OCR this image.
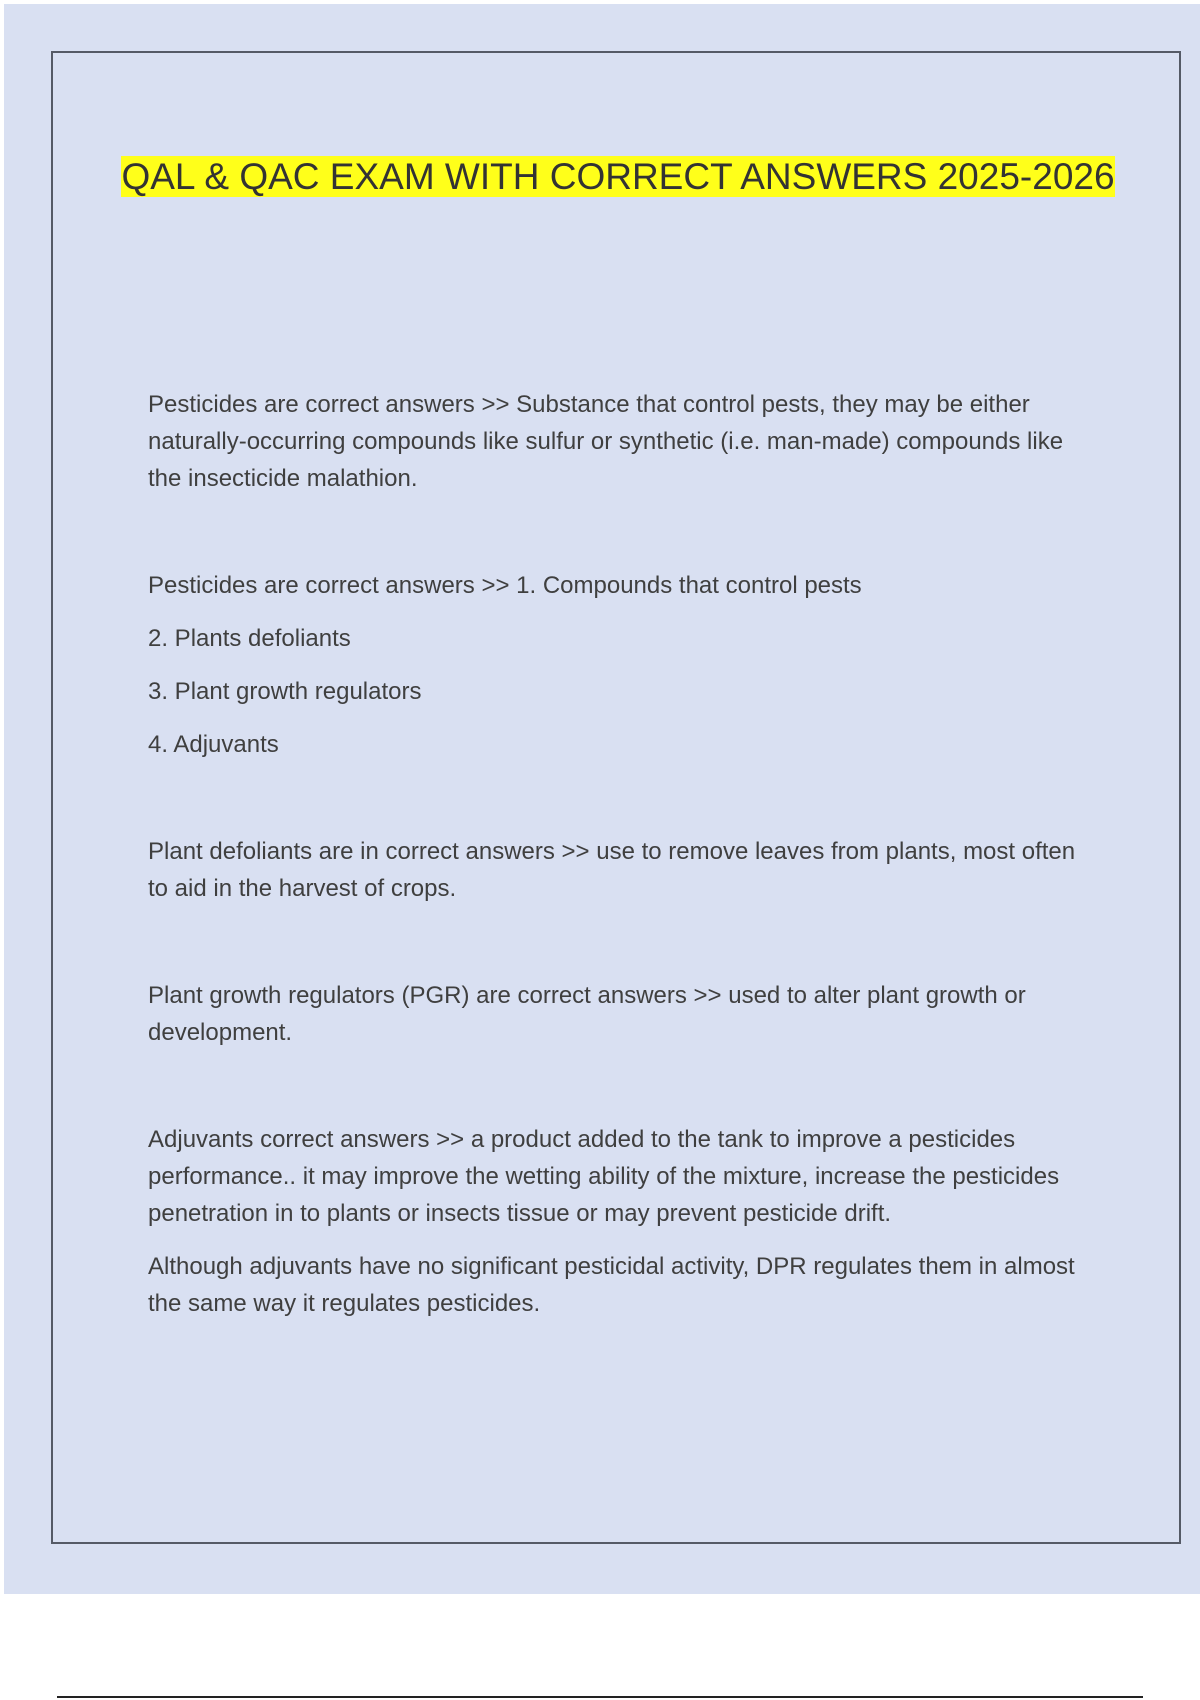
QAL & QAC EXAM WITH CORRECT ANSWERS 2025-2026

Pesticides are correct answers >> Substance that control pests, they may be either naturally-occurring compounds like sulfur or synthetic (i.e. man-made) compounds like the insecticide malathion.

Pesticides are correct answers >> 1. Compounds that control pests

2. Plants defoliants

3. Plant growth regulators

4. Adjuvants

Plant defoliants are in correct answers >> use to remove leaves from plants, most often to aid in the harvest of crops.

Plant growth regulators (PGR) are correct answers >> used to alter plant growth or development.

Adjuvants correct answers >> a product added to the tank to improve a pesticides performance.. it may improve the wetting ability of the mixture, increase the pesticides penetration in to plants or insects tissue or may prevent pesticide drift.

Although adjuvants have no significant pesticidal activity, DPR regulates them in almost the same way it regulates pesticides.
